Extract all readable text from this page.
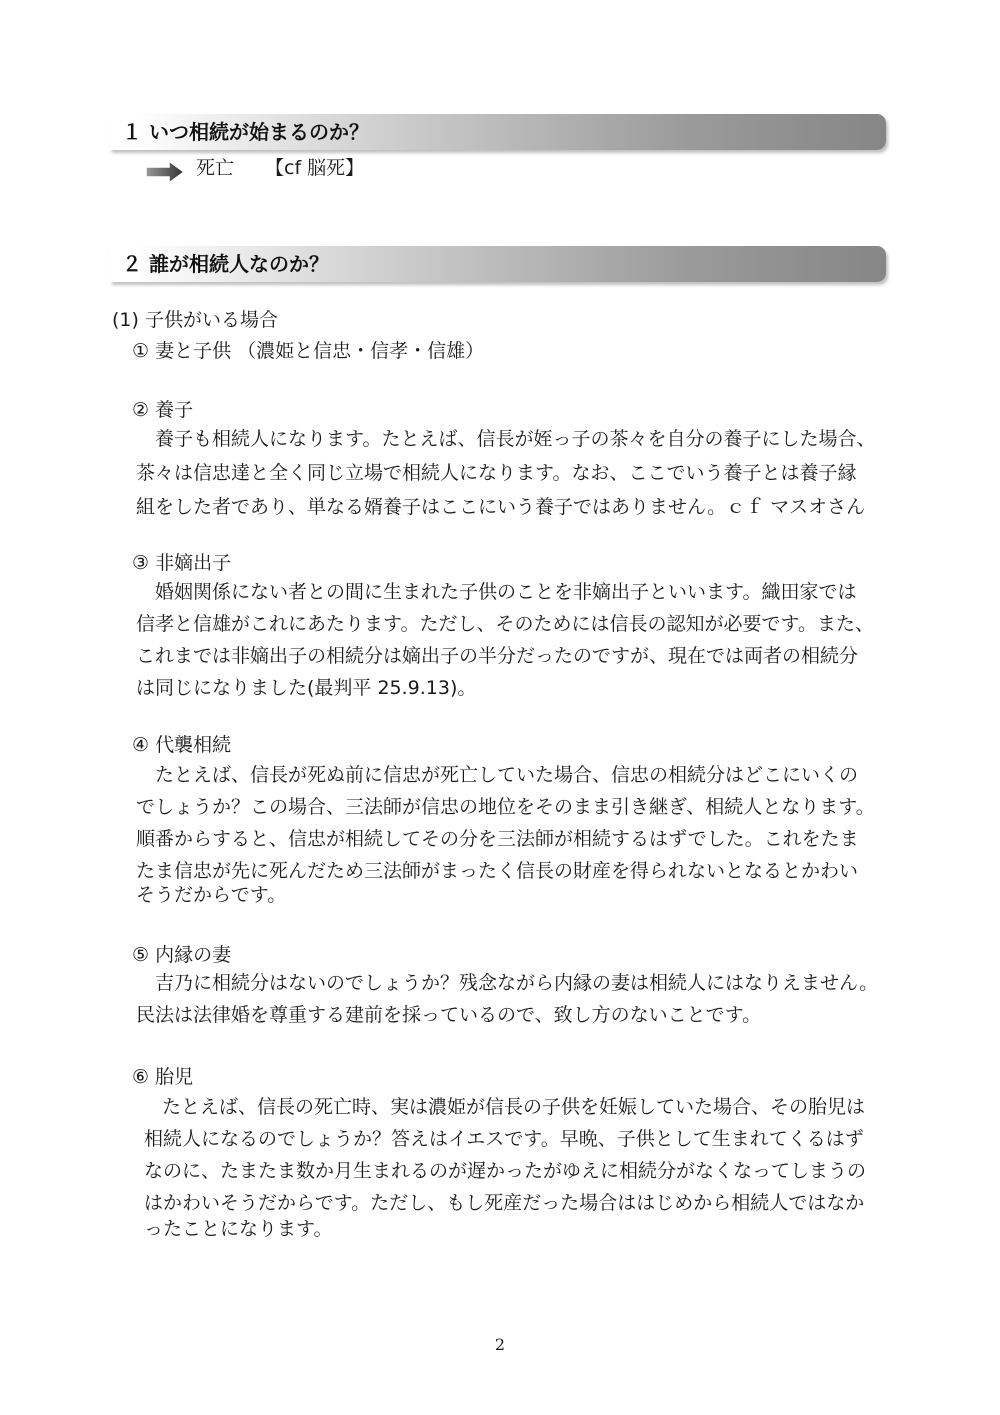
１ いつ相続が始まるのか？
死亡 【cf 脳死】
２ 誰が相続人なのか？
(1) 子供がいる場合
① 妻と子供 （濃姫と信忠・信孝・信雄）
② 養子
養子も相続人になります。たとえば、信長が姪っ子の茶々を自分の養子にした場合、
茶々は信忠達と全く同じ立場で相続人になります。なお、ここでいう養子とは養子縁
組をした者であり、単なる婿養子はここにいう養子ではありません。ｃｆ マスオさん
③ 非嫡出子
婚姻関係にない者との間に生まれた子供のことを非嫡出子といいます。織田家では
信孝と信雄がこれにあたります。ただし、そのためには信長の認知が必要です。また、
これまでは非嫡出子の相続分は嫡出子の半分だったのですが、現在では両者の相続分
は同じになりました(最判平 25.9.13)。
④ 代襲相続
たとえば、信長が死ぬ前に信忠が死亡していた場合、信忠の相続分はどこにいくの
でしょうか？この場合、三法師が信忠の地位をそのまま引き継ぎ、相続人となります。
順番からすると、信忠が相続してその分を三法師が相続するはずでした。これをたま
たま信忠が先に死んだため三法師がまったく信長の財産を得られないとなるとかわい
そうだからです。
⑤ 内縁の妻
吉乃に相続分はないのでしょうか？残念ながら内縁の妻は相続人にはなりえません。
民法は法律婚を尊重する建前を採っているので、致し方のないことです。
⑥ 胎児
たとえば、信長の死亡時、実は濃姫が信長の子供を妊娠していた場合、その胎児は
相続人になるのでしょうか？答えはイエスです。早晩、子供として生まれてくるはず
なのに、たまたま数か月生まれるのが遅かったがゆえに相続分がなくなってしまうの
はかわいそうだからです。ただし、もし死産だった場合ははじめから相続人ではなか
ったことになります。
2
